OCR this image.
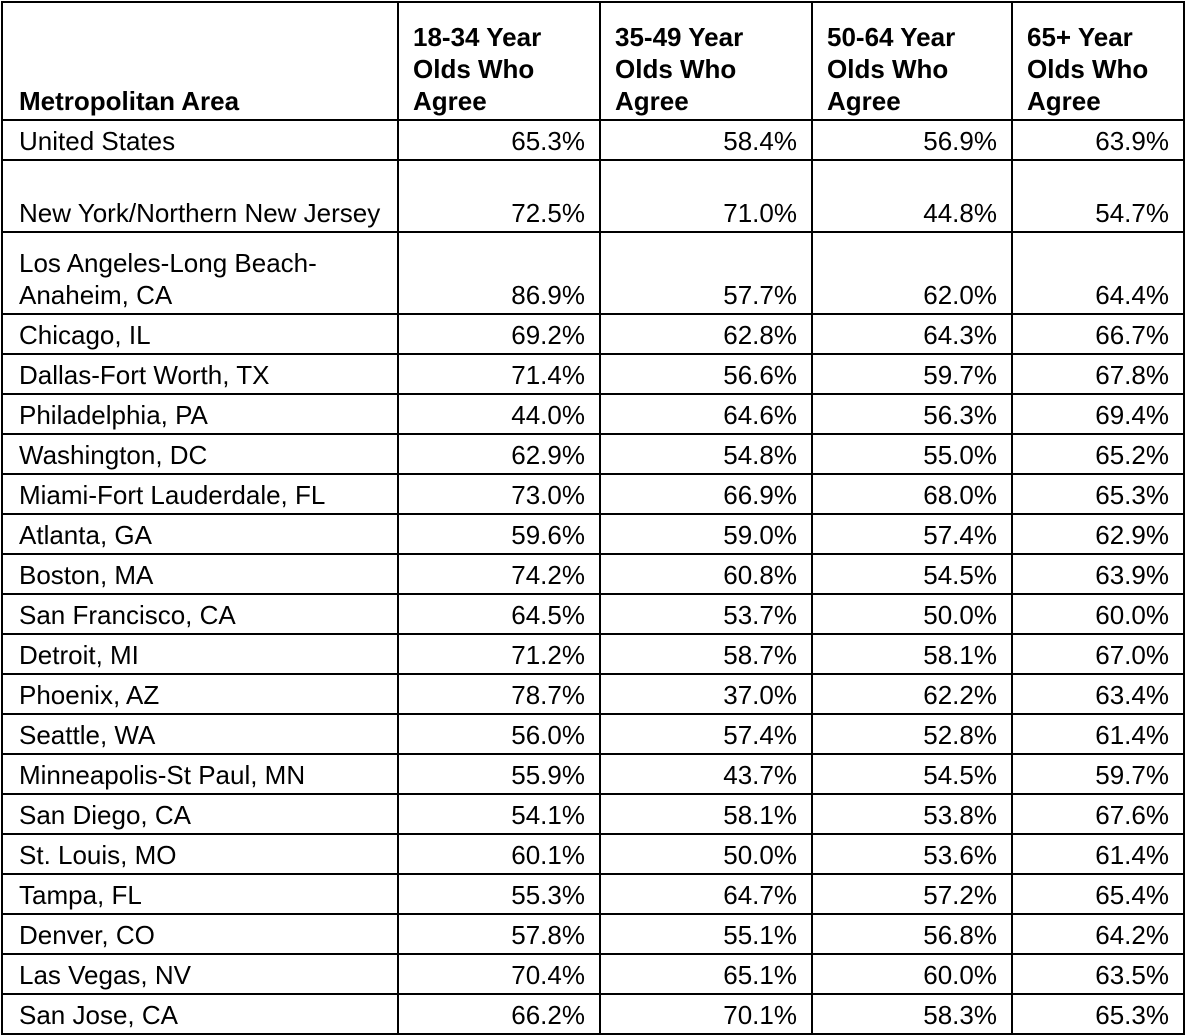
Metropolitan Area	18-34 Year Olds Who Agree	35-49 Year Olds Who Agree	50-64 Year Olds Who Agree	65+ Year Olds Who Agree
United States	65.3%	58.4%	56.9%	63.9%
New York/Northern New Jersey	72.5%	71.0%	44.8%	54.7%
Los Angeles-Long Beach-Anaheim, CA	86.9%	57.7%	62.0%	64.4%
Chicago, IL	69.2%	62.8%	64.3%	66.7%
Dallas-Fort Worth, TX	71.4%	56.6%	59.7%	67.8%
Philadelphia, PA	44.0%	64.6%	56.3%	69.4%
Washington, DC	62.9%	54.8%	55.0%	65.2%
Miami-Fort Lauderdale, FL	73.0%	66.9%	68.0%	65.3%
Atlanta, GA	59.6%	59.0%	57.4%	62.9%
Boston, MA	74.2%	60.8%	54.5%	63.9%
San Francisco, CA	64.5%	53.7%	50.0%	60.0%
Detroit, MI	71.2%	58.7%	58.1%	67.0%
Phoenix, AZ	78.7%	37.0%	62.2%	63.4%
Seattle, WA	56.0%	57.4%	52.8%	61.4%
Minneapolis-St Paul, MN	55.9%	43.7%	54.5%	59.7%
San Diego, CA	54.1%	58.1%	53.8%	67.6%
St. Louis, MO	60.1%	50.0%	53.6%	61.4%
Tampa, FL	55.3%	64.7%	57.2%	65.4%
Denver, CO	57.8%	55.1%	56.8%	64.2%
Las Vegas, NV	70.4%	65.1%	60.0%	63.5%
San Jose, CA	66.2%	70.1%	58.3%	65.3%
